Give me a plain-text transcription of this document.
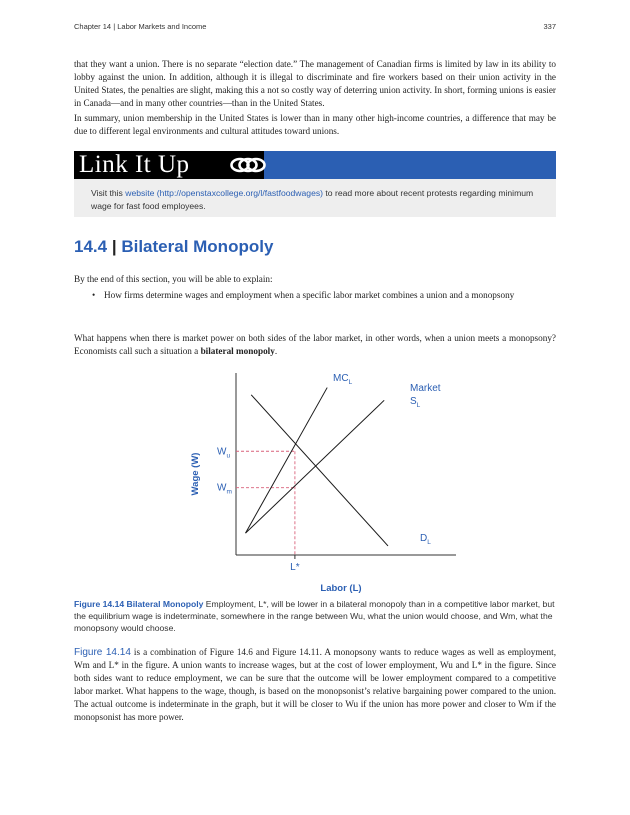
Chapter 14 | Labor Markets and Income	337

that they want a union. There is no separate “election date.” The management of Canadian firms is limited by law in its ability to lobby against the union. In addition, although it is illegal to discriminate and fire workers based on their union activity in the United States, the penalties are slight, making this a not so costly way of deterring union activity. In short, forming unions is easier in Canada—and in many other countries—than in the United States.

In summary, union membership in the United States is lower than in many other high-income countries, a difference that may be due to different legal environments and cultural attitudes toward unions.

Link It Up
Visit this website (http://openstaxcollege.org/l/fastfoodwages) to read more about recent protests regarding minimum wage for fast food employees.
14.4 | Bilateral Monopoly
By the end of this section, you will be able to explain:
• How firms determine wages and employment when a specific labor market combines a union and a monopsony

What happens when there is market power on both sides of the labor market, in other words, when a union meets a monopsony? Economists call such a situation a bilateral monopoly.

$MC_L$
Market
$S_L$
$D_L$
$W_u$
$W_m$
L*
Labor (L)
Wage (W)
Figure 14.14 Bilateral Monopoly Employment, L*, will be lower in a bilateral monopoly than in a competitive labor market, but the equilibrium wage is indeterminate, somewhere in the range between Wu, what the union would choose, and Wm, what the monopsony would choose.

Figure 14.14 is a combination of Figure 14.6 and Figure 14.11. A monopsony wants to reduce wages as well as employment, Wm and L* in the figure. A union wants to increase wages, but at the cost of lower employment, Wu and L* in the figure. Since both sides want to reduce employment, we can be sure that the outcome will be lower employment compared to a competitive labor market. What happens to the wage, though, is based on the monopsonist’s relative bargaining power compared to the union. The actual outcome is indeterminate in the graph, but it will be closer to Wu if the union has more power and closer to Wm if the monopsonist has more power.
